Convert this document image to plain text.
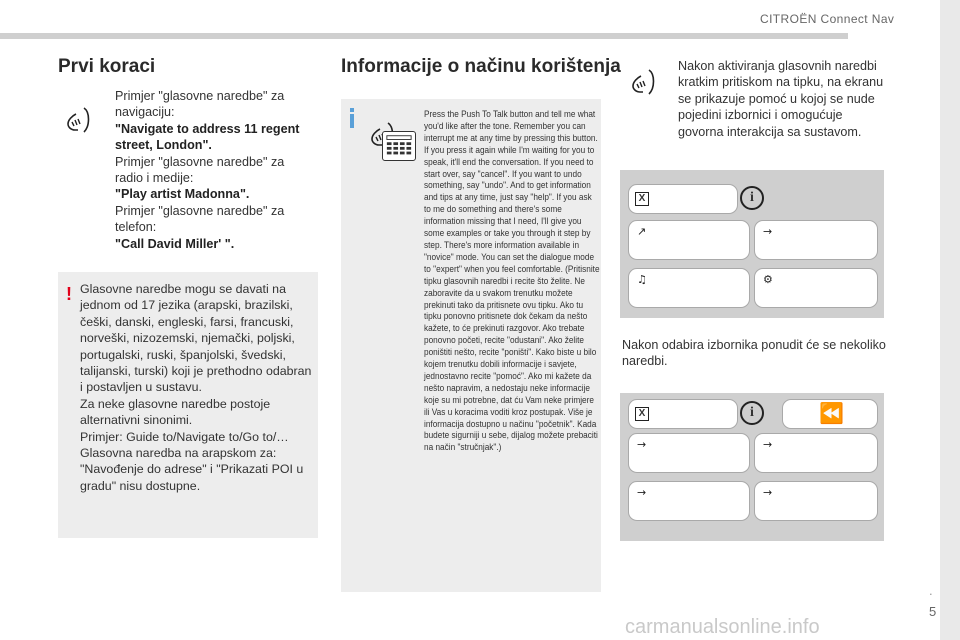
CITROËN Connect Nav
.
5
carmanualsonline.info
Prvi koraci

Primjer "glasovne naredbe" za navigaciju:

"Navigate to address 11 regent street, London".

Primjer "glasovne naredbe" za radio i medije:

"Play artist Madonna".

Primjer "glasovne naredbe" za telefon:

"Call David Miller' ".

! Glasovne naredbe mogu se davati na jednom od 17 jezika (arapski, brazilski, češki, danski, engleski, farsi, francuski, norveški, nizozemski, njemački, poljski, portugalski, ruski, španjolski, švedski, talijanski, turski) koji je prethodno odabran i postavljen u sustavu.

Za neke glasovne naredbe postoje alternativni sinonimi.

Primjer: Guide to/Navigate to/Go to/…

Glasovna naredba na arapskom za: "Navođenje do adrese" i "Prikazati POI u gradu" nisu dostupne.

Informacije o načinu korištenja
Press the Push To Talk button and tell me what you'd like after the tone. Remember you can interrupt me at any time by pressing this button. If you press it again while I'm waiting for you to speak, it'll end the conversation. If you need to start over, say "cancel". If you want to undo something, say "undo". And to get information and tips at any time, just say "help". If you ask to me do something and there's some information missing that I need, I'll give you some examples or take you through it step by step. There's more information available in "novice" mode. You can set the dialogue mode to "expert" when you feel comfortable. (Pritisnite tipku glasovnih naredbi i recite što želite. Ne zaboravite da u svakom trenutku možete prekinuti tako da pritisnete ovu tipku. Ako tu tipku ponovno pritisnete dok čekam da nešto kažete, to će prekinuti razgovor. Ako trebate ponovno početi, recite "odustani". Ako želite poništiti nešto, recite "poništi". Kako biste u bilo kojem trenutku dobili informacije i savjete, jednostavno recite "pomoć". Ako mi kažete da nešto napravim, a nedostaju neke informacije koje su mi potrebne, dat ću Vam neke primjere ili Vas u koracima voditi kroz postupak. Više je informacija dostupno u načinu "početnik". Kada budete sigurniji u sebe, dijalog možete prebaciti na način "stručnjak".)
Nakon aktiviranja glasovnih naredbi kratkim pritiskom na tipku, na ekranu se prikazuje pomoć u kojoj se nude pojedini izbornici i omogućuje govorna interakcija sa sustavom.
X	i
↗	→
♫	⚙
Nakon odabira izbornika ponudit će se nekoliko naredbi.
X	i	⏪
→	→
→	→
